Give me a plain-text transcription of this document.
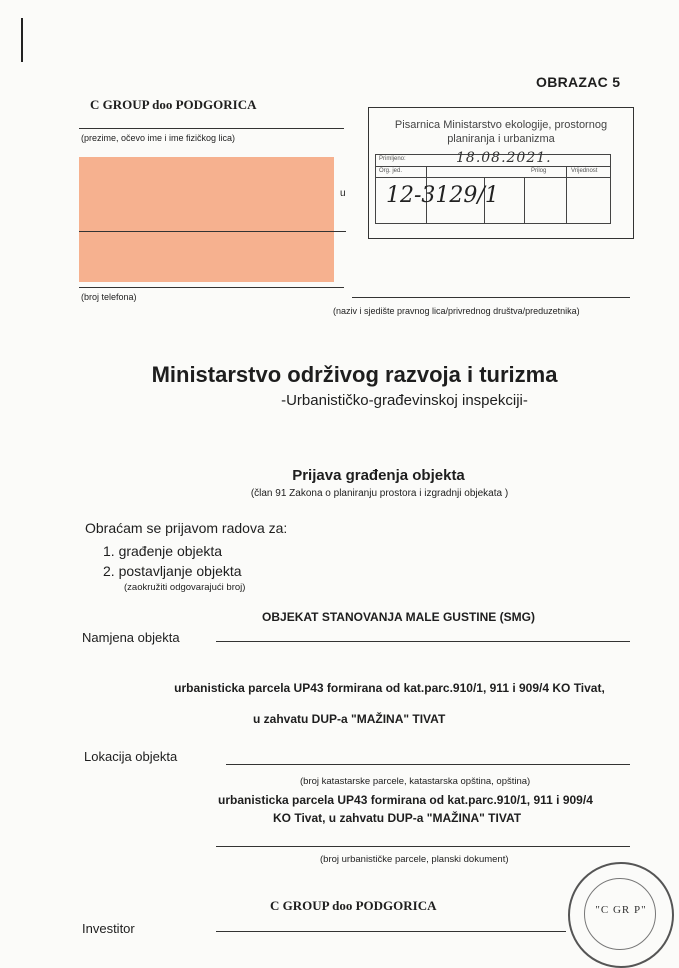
OBRAZAC 5
C GROUP doo PODGORICA
(prezime, očevo ime i ime fizičkog lica)
u
(broj telefona)
Pisarnica Ministarstvo ekologije, prostornog planiranja i urbanizma
Primljeno:
Org. jed.	Prilog	Vrijednost
18.08.2021.
12-3129/1
(naziv i sjedište pravnog lica/privrednog društva/preduzetnika)
Ministarstvo održivog razvoja i turizma
-Urbanističko-građevinskoj inspekciji-
Prijava građenja objekta
(član 91 Zakona o planiranju prostora i izgradnji objekata )
Obraćam se prijavom radova za:
1. građenje objekta
2. postavljanje objekta
(zaokružiti odgovarajući broj)
OBJEKAT STANOVANJA MALE GUSTINE (SMG)
Namjena objekta
urbanisticka parcela UP43 formirana od kat.parc.910/1, 911 i 909/4 KO Tivat,
u zahvatu DUP-a "MAŽINA" TIVAT
Lokacija objekta
(broj katastarske parcele, katastarska opština, opština)
urbanisticka parcela UP43 formirana od kat.parc.910/1, 911 i 909/4
KO Tivat, u zahvatu DUP-a "MAŽINA" TIVAT
(broj urbanističke parcele, planski dokument)
C GROUP doo PODGORICA
Investitor
"C GR P"
